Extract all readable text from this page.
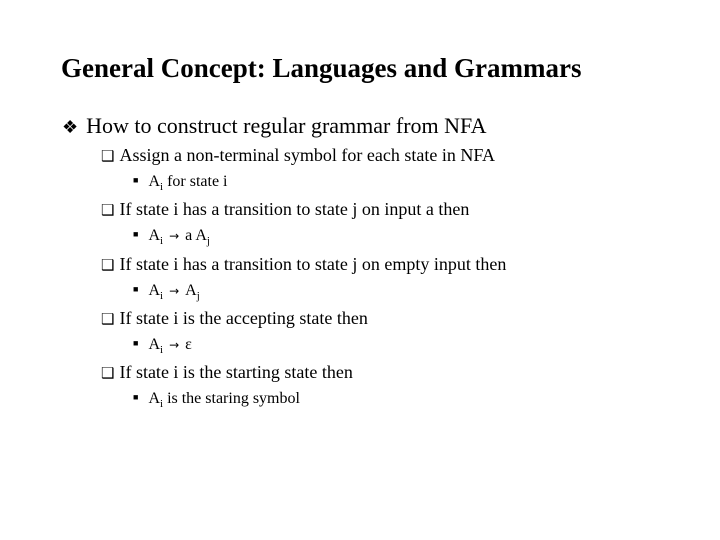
General Concept: Languages and Grammars
❖ How to construct regular grammar from NFA
❑ Assign a non-terminal symbol for each state in NFA
■ $A_i$ for state i
❑ If state i has a transition to state j on input a then
■ $A_i \to a$ $A_j$
❑ If state i has a transition to state j on empty input then
■ $A_i \to A_j$
❑ If state i is the accepting state then
■ $A_i \to \varepsilon$
❑ If state i is the starting state then
■ $A_i$ is the staring symbol
